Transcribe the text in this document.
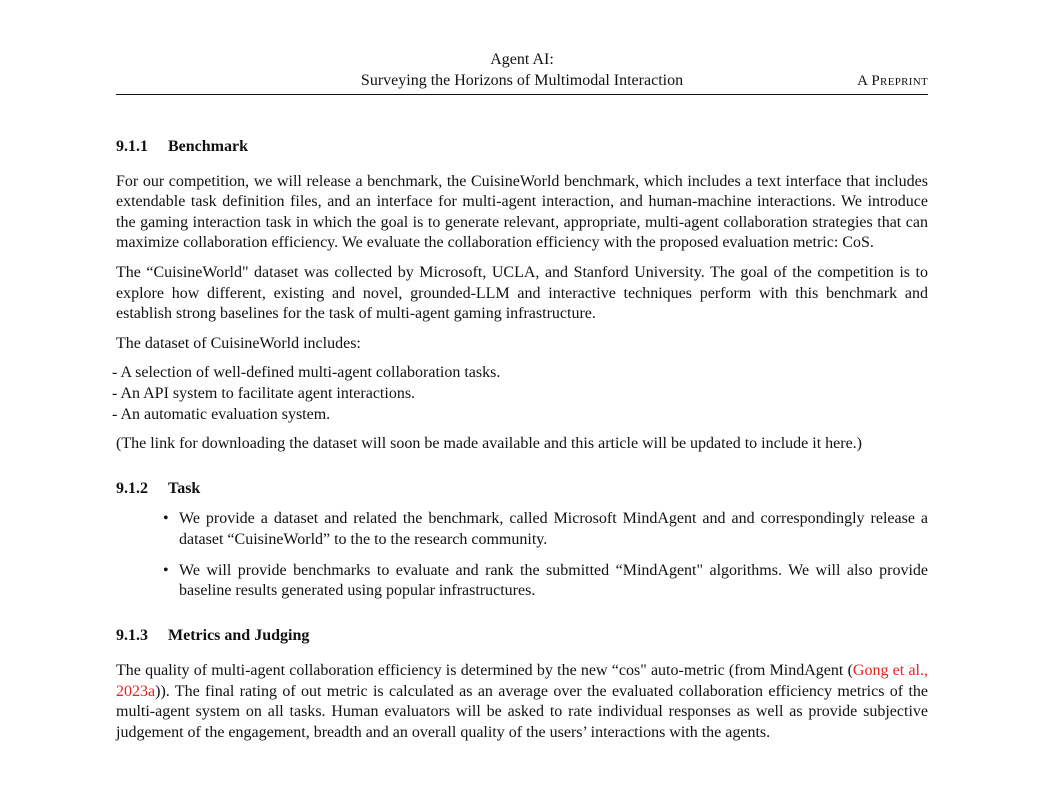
Agent AI:
Surveying the Horizons of Multimodal Interaction	A Preprint
9.1.1 Benchmark

For our competition, we will release a benchmark, the CuisineWorld benchmark, which includes a text interface that includes extendable task definition files, and an interface for multi-agent interaction, and human-machine interactions. We introduce the gaming interaction task in which the goal is to generate relevant, appropriate, multi-agent collaboration strategies that can maximize collaboration efficiency. We evaluate the collaboration efficiency with the proposed evaluation metric: CoS.

The “CuisineWorld" dataset was collected by Microsoft, UCLA, and Stanford University. The goal of the competition is to explore how different, existing and novel, grounded-LLM and interactive techniques perform with this benchmark and establish strong baselines for the task of multi-agent gaming infrastructure.

The dataset of CuisineWorld includes:

- A selection of well-defined multi-agent collaboration tasks.
- An API system to facilitate agent interactions.
- An automatic evaluation system.

(The link for downloading the dataset will soon be made available and this article will be updated to include it here.)

9.1.2 Task
• We provide a dataset and related the benchmark, called Microsoft MindAgent and and correspondingly release a dataset “CuisineWorld” to the to the research community.
• We will provide benchmarks to evaluate and rank the submitted “MindAgent" algorithms. We will also provide baseline results generated using popular infrastructures.
9.1.3 Metrics and Judging

The quality of multi-agent collaboration efficiency is determined by the new “cos" auto-metric (from MindAgent (Gong et al., 2023a)). The final rating of out metric is calculated as an average over the evaluated collaboration efficiency metrics of the multi-agent system on all tasks. Human evaluators will be asked to rate individual responses as well as provide subjective judgement of the engagement, breadth and an overall quality of the users’ interactions with the agents.
